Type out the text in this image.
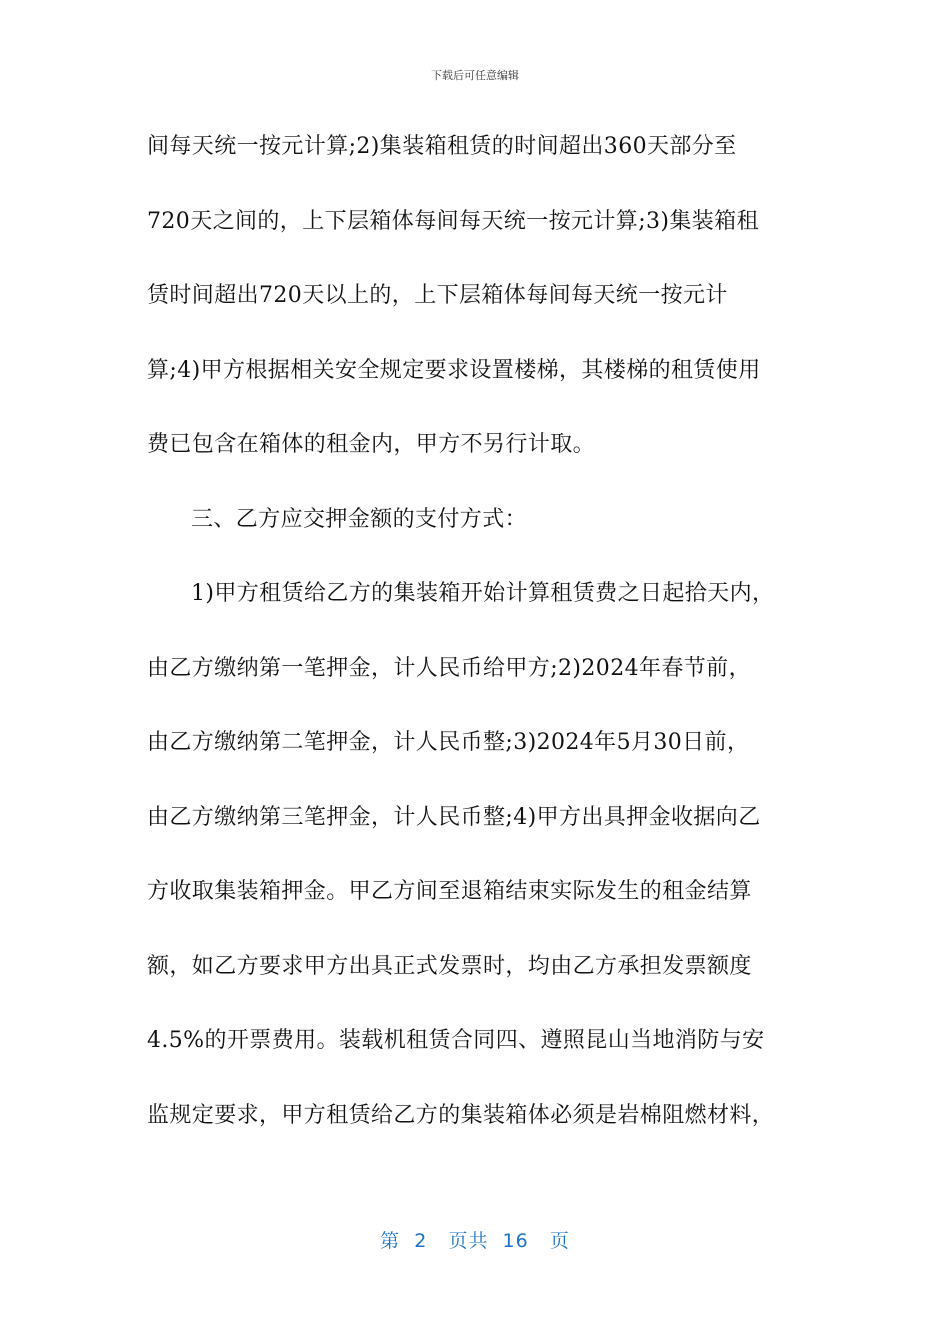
下载后可任意编辑
间每天统一按元计算;2)集装箱租赁的时间超出360天部分至
720天之间的，上下层箱体每间每天统一按元计算;3)集装箱租
赁时间超出720天以上的，上下层箱体每间每天统一按元计
算;4)甲方根据相关安全规定要求设置楼梯，其楼梯的租赁使用
费已包含在箱体的租金内，甲方不另行计取。
三、乙方应交押金额的支付方式：
1)甲方租赁给乙方的集装箱开始计算租赁费之日起拾天内，
由乙方缴纳第一笔押金，计人民币给甲方;2)2024年春节前，
由乙方缴纳第二笔押金，计人民币整;3)2024年5月30日前，
由乙方缴纳第三笔押金，计人民币整;4)甲方出具押金收据向乙
方收取集装箱押金。甲乙方间至退箱结束实际发生的租金结算
额，如乙方要求甲方出具正式发票时，均由乙方承担发票额度
4.5%的开票费用。装载机租赁合同四、遵照昆山当地消防与安
监规定要求，甲方租赁给乙方的集装箱体必须是岩棉阻燃材料，
第  2   页共  16   页
